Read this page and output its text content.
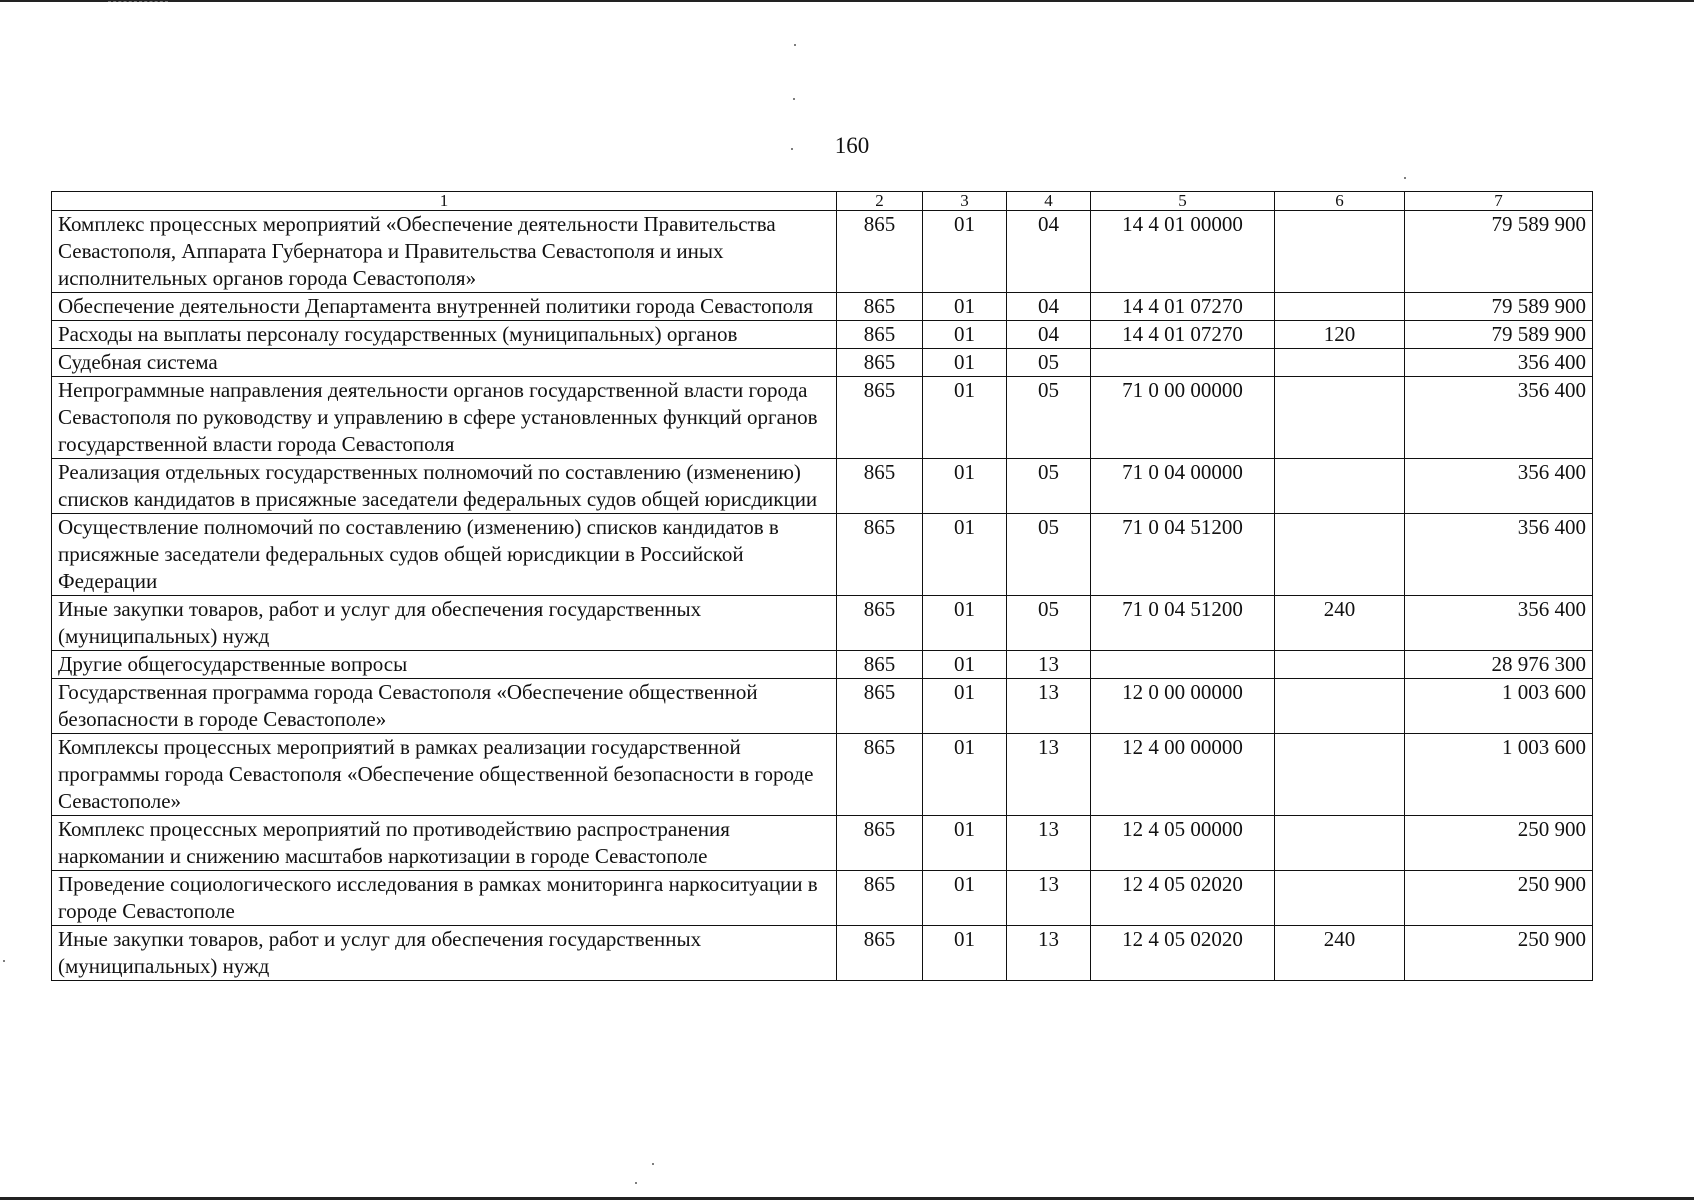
160
1	2	3	4	5	6	7
Комплекс процессных мероприятий «Обеспечение деятельности Правительства Севастополя, Аппарата Губернатора и Правительства Севастополя и иных исполнительных органов города Севастополя»	865	01	04	14 4 01 00000		79 589 900
Обеспечение деятельности Департамента внутренней политики города Севастополя	865	01	04	14 4 01 07270		79 589 900
Расходы на выплаты персоналу государственных (муниципальных) органов	865	01	04	14 4 01 07270	120	79 589 900
Судебная система	865	01	05			356 400
Непрограммные направления деятельности органов государственной власти города Севастополя по руководству и управлению в сфере установленных функций органов государственной власти города Севастополя	865	01	05	71 0 00 00000		356 400
Реализация отдельных государственных полномочий по составлению (изменению) списков кандидатов в присяжные заседатели федеральных судов общей юрисдикции	865	01	05	71 0 04 00000		356 400
Осуществление полномочий по составлению (изменению) списков кандидатов в присяжные заседатели федеральных судов общей юрисдикции в Российской Федерации	865	01	05	71 0 04 51200		356 400
Иные закупки товаров, работ и услуг для обеспечения государственных (муниципальных) нужд	865	01	05	71 0 04 51200	240	356 400
Другие общегосударственные вопросы	865	01	13			28 976 300
Государственная программа города Севастополя «Обеспечение общественной безопасности в городе Севастополе»	865	01	13	12 0 00 00000		1 003 600
Комплексы процессных мероприятий в рамках реализации государственной программы города Севастополя «Обеспечение общественной безопасности в городе Севастополе»	865	01	13	12 4 00 00000		1 003 600
Комплекс процессных мероприятий по противодействию распространения наркомании и снижению масштабов наркотизации в городе Севастополе	865	01	13	12 4 05 00000		250 900
Проведение социологического исследования в рамках мониторинга наркоситуации в городе Севастополе	865	01	13	12 4 05 02020		250 900
Иные закупки товаров, работ и услуг для обеспечения государственных (муниципальных) нужд	865	01	13	12 4 05 02020	240	250 900
